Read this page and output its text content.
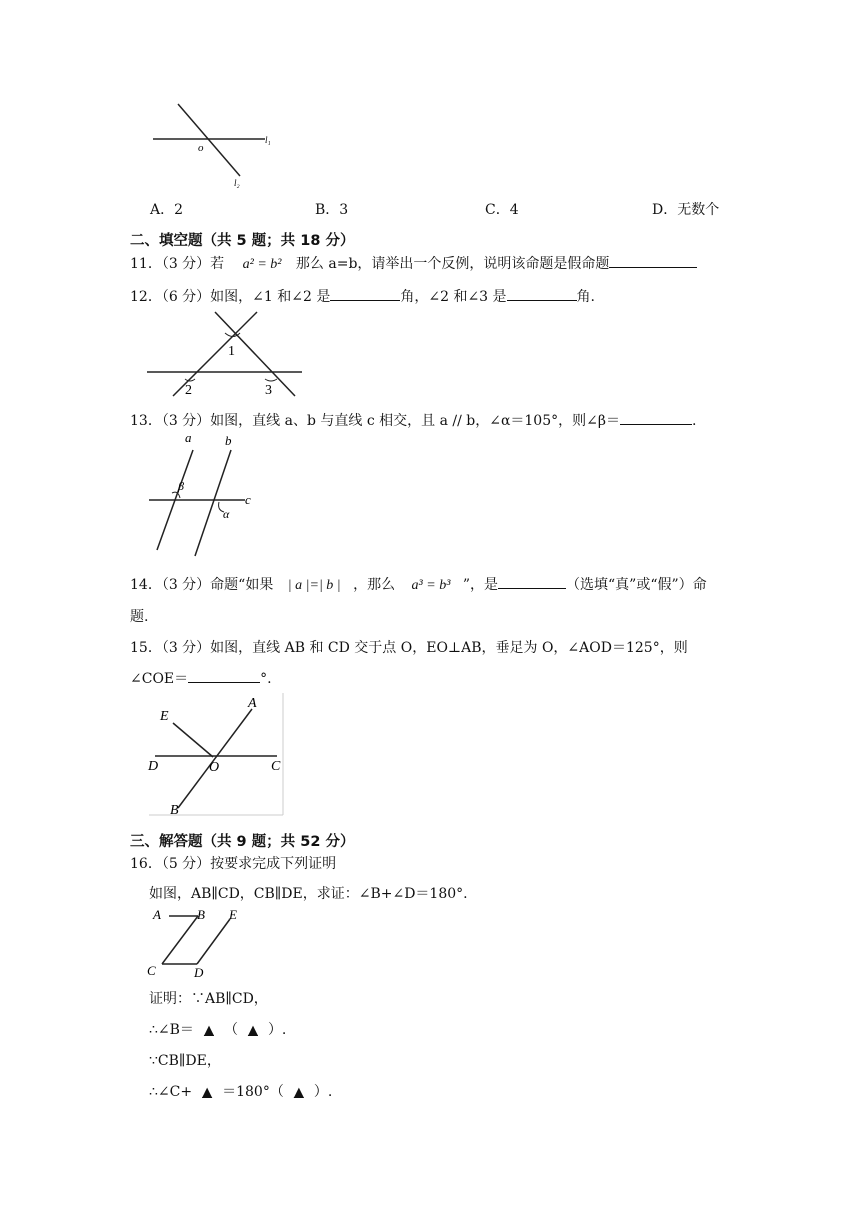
o
l₁
l₂
A．2	B．3	C．4	D．无数个
二、填空题（共 5 题；共 18 分）
11．（3 分）若 a² = b² 那么 a=b，请举出一个反例，说明该命题是假命题
12．（6 分）如图，∠1 和∠2 是	角，∠2 和∠3 是	角.
1
2	3
13．（3 分）如图，直线 a、b 与直线 c 相交，且 a ∕∕ b，∠α＝105°，则∠β＝	.
a	b
c
β
α
14．（3 分）命题“如果 | a |=| b | ，那么 a³ = b³ ”，是	（选填“真”或“假”）命
题.
15．（3 分）如图，直线 AB 和 CD 交于点 O，EO⊥AB，垂足为 O，∠AOD＝125°，则
∠COE＝	°.
E
A
D	O	C
B
三、解答题（共 9 题；共 52 分）
16．（5 分）按要求完成下列证明
如图，AB∥CD，CB∥DE，求证：∠B+∠D＝180°.
A	B E
C	D
证明：∵AB∥CD，
∴∠B＝ ▲ （ ▲ ）.
∵CB∥DE，
∴∠C+ ▲ ＝180°（ ▲ ）.
